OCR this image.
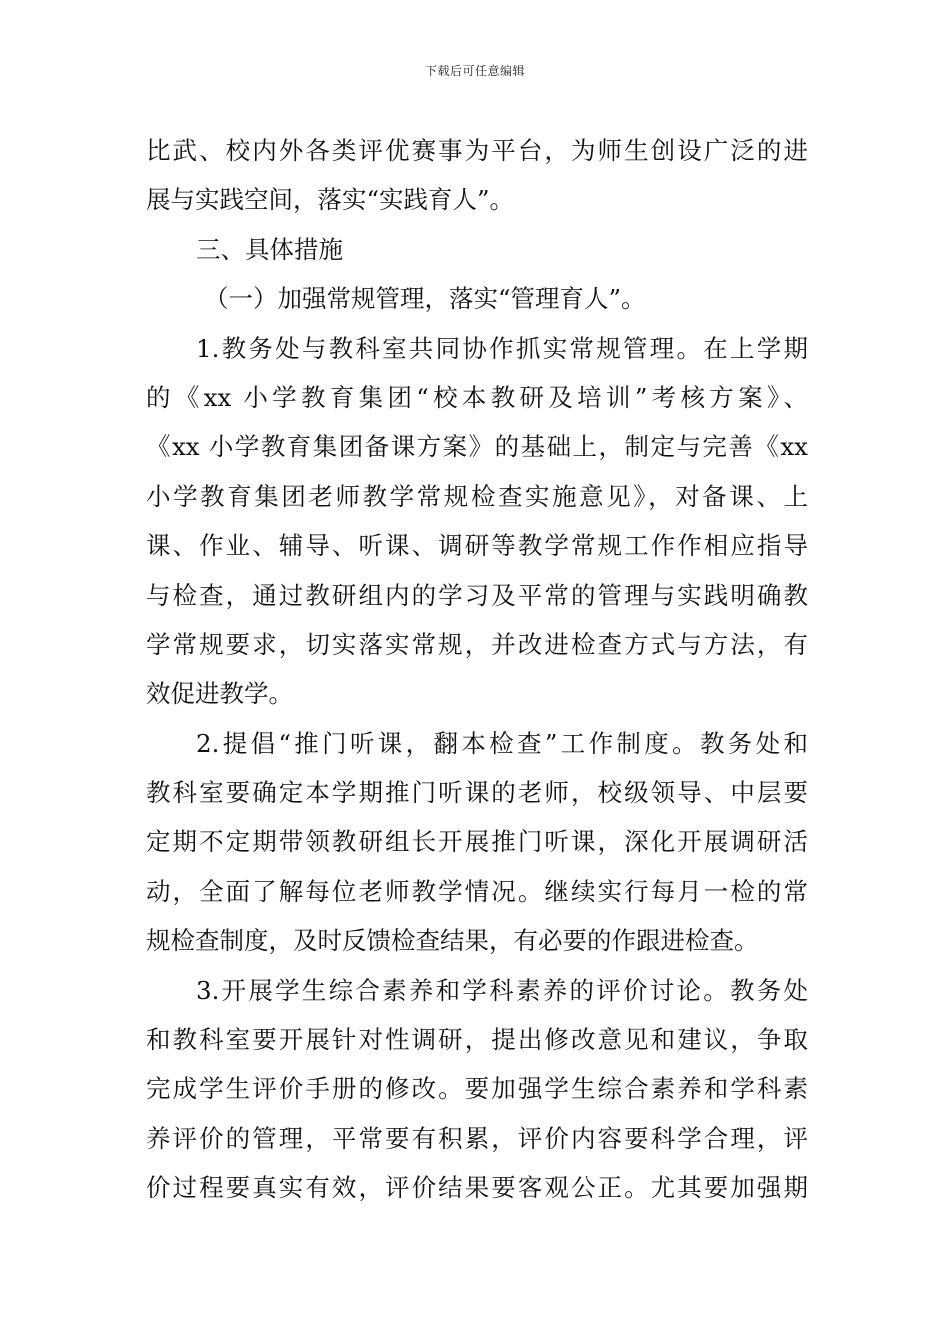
下载后可任意编辑
比武、校内外各类评优赛事为平台，为师生创设广泛的进
展与实践空间，落实“实践育人”。
三、具体措施
（一）加强常规管理，落实“管理育人”。
1.教务处与教科室共同协作抓实常规管理。在上学期
的《xx 小学教育集团“校本教研及培训”考核方案》、
《xx 小学教育集团备课方案》的基础上，制定与完善《xx
小学教育集团老师教学常规检查实施意见》，对备课、上
课、作业、辅导、听课、调研等教学常规工作作相应指导
与检查，通过教研组内的学习及平常的管理与实践明确教
学常规要求，切实落实常规，并改进检查方式与方法，有
效促进教学。
2.提倡“推门听课，翻本检查”工作制度。教务处和
教科室要确定本学期推门听课的老师，校级领导、中层要
定期不定期带领教研组长开展推门听课，深化开展调研活
动，全面了解每位老师教学情况。继续实行每月一检的常
规检查制度，及时反馈检查结果，有必要的作跟进检查。
3.开展学生综合素养和学科素养的评价讨论。教务处
和教科室要开展针对性调研，提出修改意见和建议，争取
完成学生评价手册的修改。要加强学生综合素养和学科素
养评价的管理，平常要有积累，评价内容要科学合理，评
价过程要真实有效，评价结果要客观公正。尤其要加强期
